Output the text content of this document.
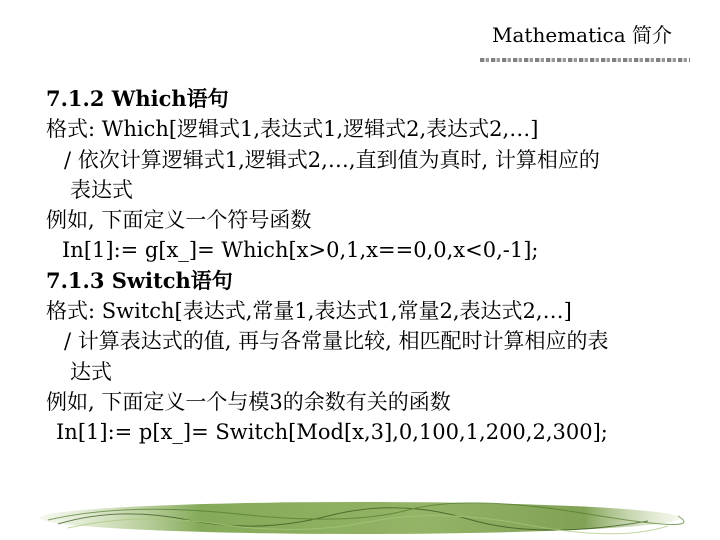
Mathematica 简介
7.1.2 Which语句
格式: Which[逻辑式1,表达式1,逻辑式2,表达式2,…]
/ 依次计算逻辑式1,逻辑式2,…,直到值为真时, 计算相应的
表达式
例如, 下面定义一个符号函数
In[1]:= g[x_]= Which[x>0,1,x==0,0,x<0,-1];
7.1.3 Switch语句
格式: Switch[表达式,常量1,表达式1,常量2,表达式2,…]
/ 计算表达式的值, 再与各常量比较, 相匹配时计算相应的表
达式
例如, 下面定义一个与模3的余数有关的函数
In[1]:= p[x_]= Switch[Mod[x,3],0,100,1,200,2,300];
